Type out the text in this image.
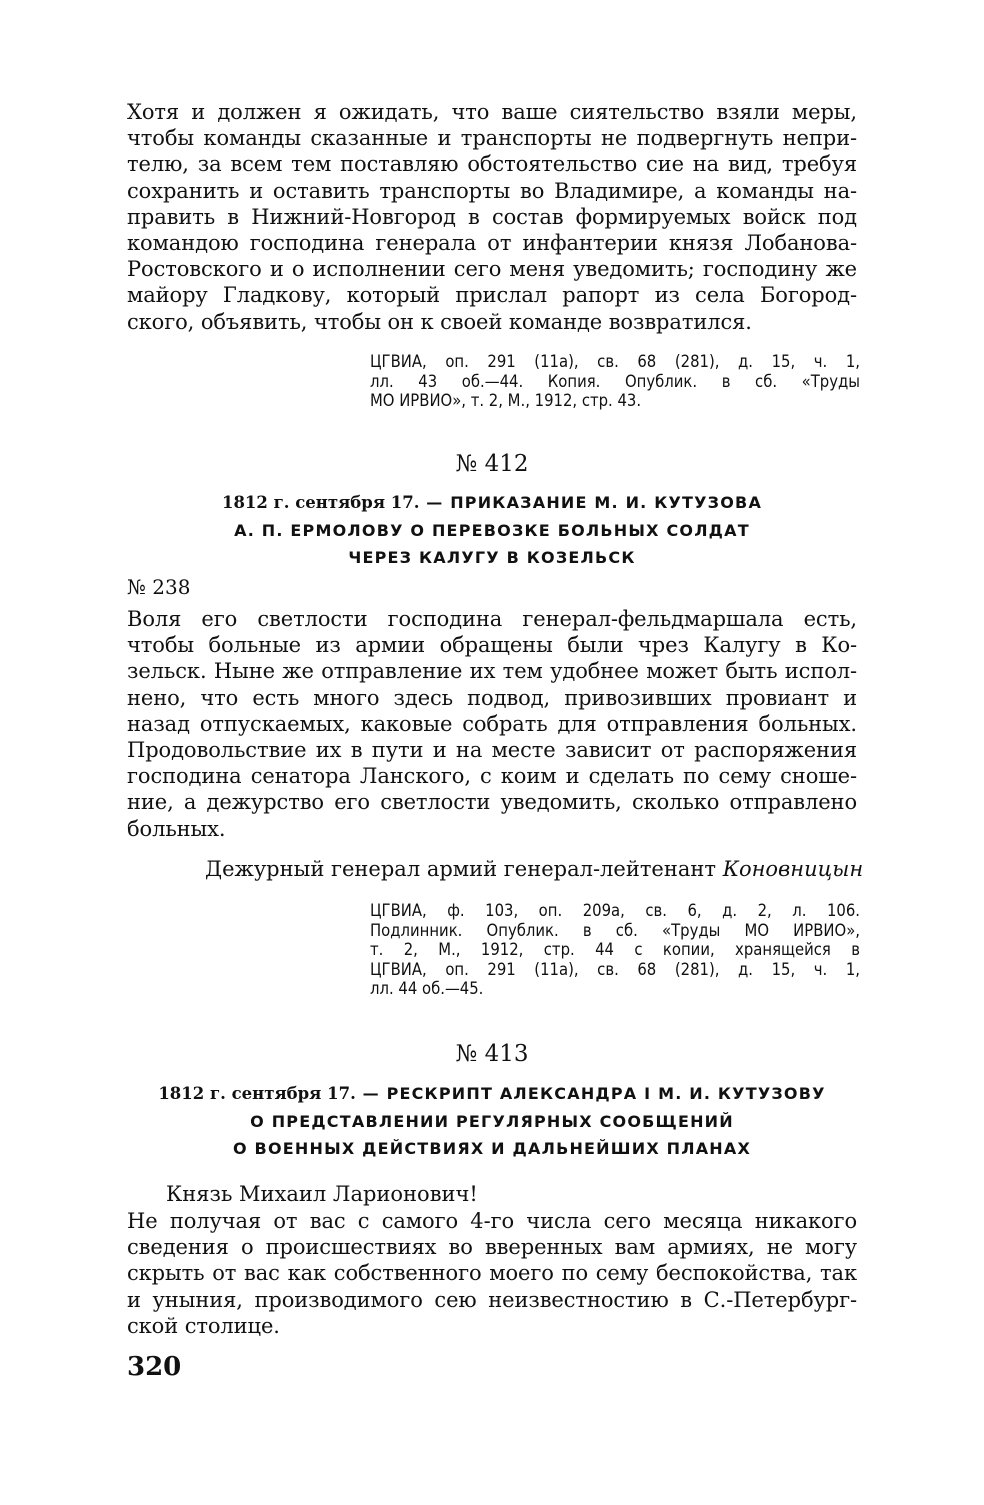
Хотя и должен я ожидать, что ваше сиятельство взяли меры,
чтобы команды сказанные и транспорты не подвергнуть непри-
телю, за всем тем поставляю обстоятельство сие на вид, требуя
сохранить и оставить транспорты во Владимире, а команды на-
править в Нижний-Новгород в состав формируемых войск под
командою господина генерала от инфантерии князя Лобанова-
Ростовского и о исполнении сего меня уведомить; господину же
майору Гладкову, который прислал рапорт из села Богород-
ского, объявить, чтобы он к своей команде возвратился.
ЦГВИА, оп. 291 (11а), св. 68 (281), д. 15, ч. 1,
лл. 43 об.—44. Копия. Опублик. в сб. «Труды
МО ИРВИО», т. 2, М., 1912, стр. 43.
№ 412
1812 г. сентября 17. — ПРИКАЗАНИЕ М. И. КУТУЗОВА
А. П. ЕРМОЛОВУ О ПЕРЕВОЗКЕ БОЛЬНЫХ СОЛДАТ
ЧЕРЕЗ КАЛУГУ В КОЗЕЛЬСК
№ 238
Воля его светлости господина генерал-фельдмаршала есть,
чтобы больные из армии обращены были чрез Калугу в Ко-
зельск. Ныне же отправление их тем удобнее может быть испол-
нено, что есть много здесь подвод, привозивших провиант и
назад отпускаемых, каковые собрать для отправления больных.
Продовольствие их в пути и на месте зависит от распоряжения
господина сенатора Ланского, с коим и сделать по сему сноше-
ние, а дежурство его светлости уведомить, сколько отправлено
больных.
Дежурный генерал армий генерал-лейтенант Коновницын
ЦГВИА, ф. 103, оп. 209а, св. 6, д. 2, л. 106.
Подлинник. Опублик. в сб. «Труды МО ИРВИО»,
т. 2, М., 1912, стр. 44 с копии, хранящейся в
ЦГВИА, оп. 291 (11а), св. 68 (281), д. 15, ч. 1,
лл. 44 об.—45.
№ 413
1812 г. сентября 17. — РЕСКРИПТ АЛЕКСАНДРА I М. И. КУТУЗОВУ
О ПРЕДСТАВЛЕНИИ РЕГУЛЯРНЫХ СООБЩЕНИЙ
О ВОЕННЫХ ДЕЙСТВИЯХ И ДАЛЬНЕЙШИХ ПЛАНАХ
Князь Михаил Ларионович!
Не получая от вас с самого 4-го числа сего месяца никакого
сведения о происшествиях во вверенных вам армиях, не могу
скрыть от вас как собственного моего по сему беспокойства, так
и уныния, производимого сею неизвестностию в С.-Петербург-
ской столице.
320
